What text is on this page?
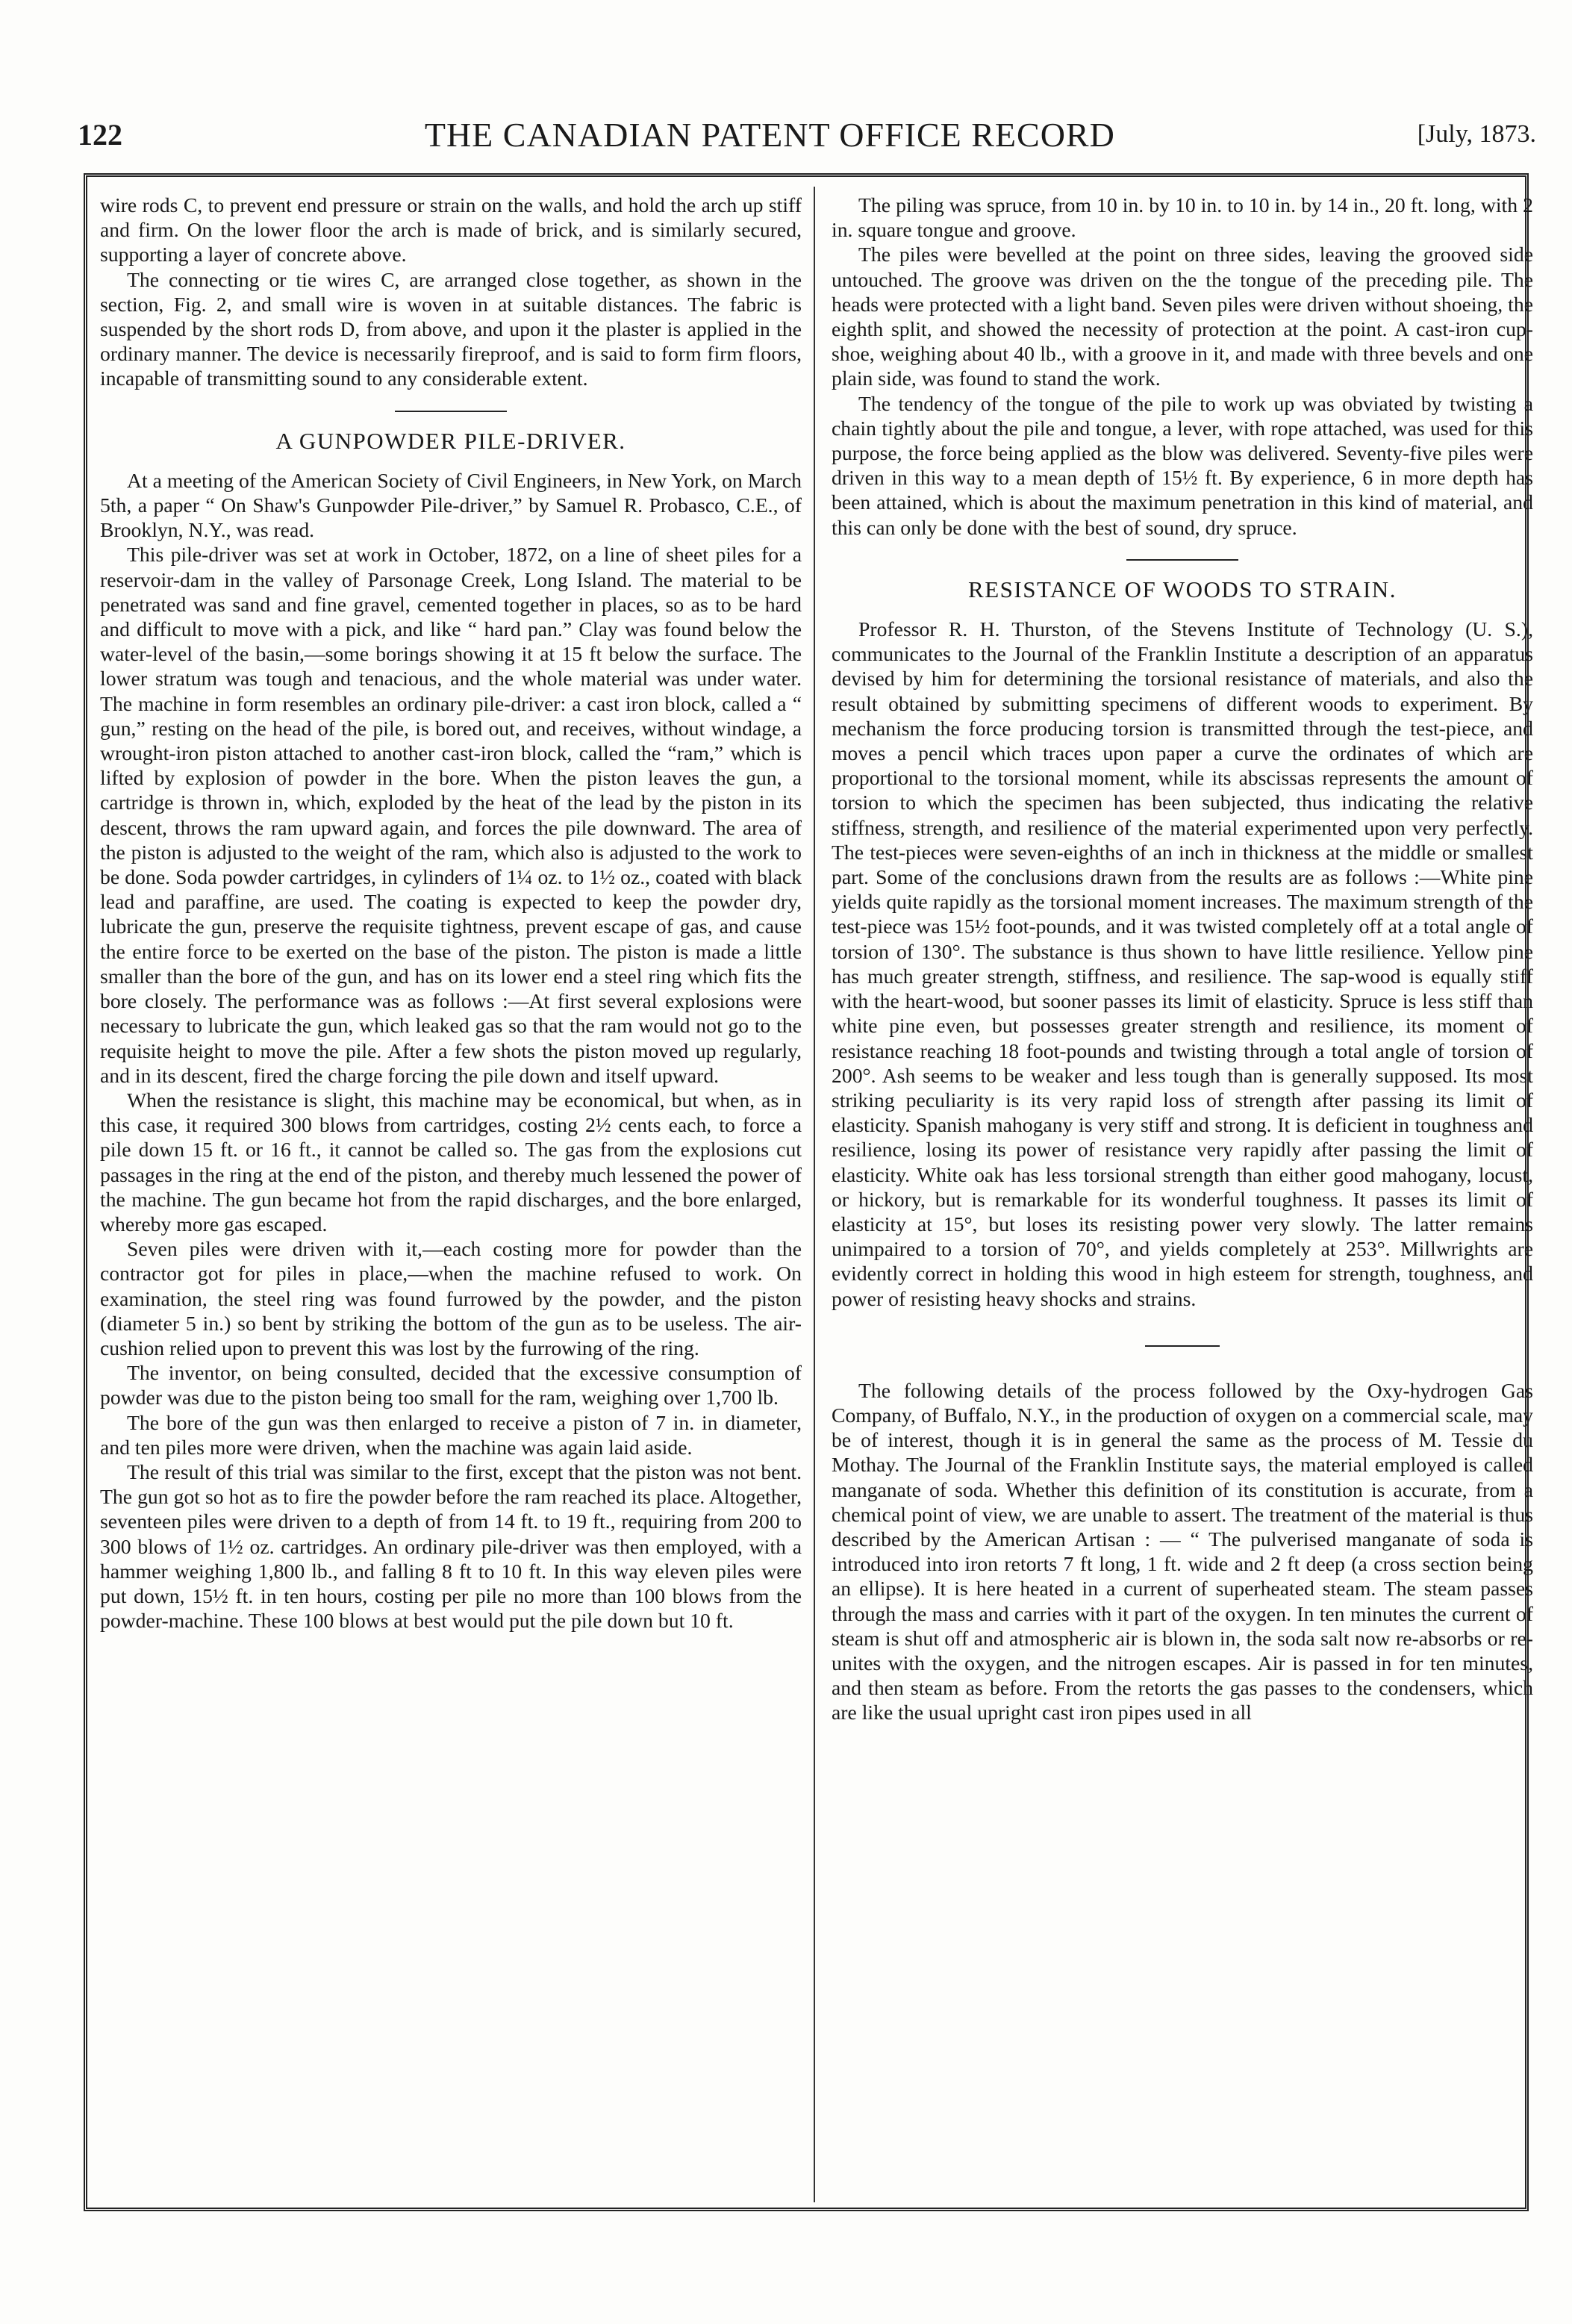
122	THE CANADIAN PATENT OFFICE RECORD	[July, 1873.

wire rods C, to prevent end pressure or strain on the walls, and hold the arch up stiff and firm. On the lower floor the arch is made of brick, and is similarly secured, supporting a layer of concrete above.

The connecting or tie wires C, are arranged close together, as shown in the section, Fig. 2, and small wire is woven in at suitable distances. The fabric is suspended by the short rods D, from above, and upon it the plaster is applied in the ordinary manner. The device is necessarily fireproof, and is said to form firm floors, incapable of transmitting sound to any considerable extent.

A GUNPOWDER PILE-DRIVER.

At a meeting of the American Society of Civil Engineers, in New York, on March 5th, a paper “ On Shaw's Gunpowder Pile-driver,” by Samuel R. Probasco, C.E., of Brooklyn, N.Y., was read.

This pile-driver was set at work in October, 1872, on a line of sheet piles for a reservoir-dam in the valley of Parsonage Creek, Long Island. The material to be penetrated was sand and fine gravel, cemented together in places, so as to be hard and difficult to move with a pick, and like “ hard pan.” Clay was found below the water-level of the basin,—some borings showing it at 15 ft below the surface. The lower stratum was tough and tenacious, and the whole material was under water. The machine in form resembles an ordinary pile-driver: a cast iron block, called a “ gun,” resting on the head of the pile, is bored out, and receives, without windage, a wrought-iron piston attached to another cast-iron block, called the “ram,” which is lifted by explosion of powder in the bore. When the piston leaves the gun, a cartridge is thrown in, which, exploded by the heat of the lead by the piston in its descent, throws the ram upward again, and forces the pile downward. The area of the piston is adjusted to the weight of the ram, which also is adjusted to the work to be done. Soda powder cartridges, in cylinders of 1¼ oz. to 1½ oz., coated with black lead and paraffine, are used. The coating is expected to keep the powder dry, lubricate the gun, preserve the requisite tightness, prevent escape of gas, and cause the entire force to be exerted on the base of the piston. The piston is made a little smaller than the bore of the gun, and has on its lower end a steel ring which fits the bore closely. The performance was as follows :—At first several explosions were necessary to lubricate the gun, which leaked gas so that the ram would not go to the requisite height to move the pile. After a few shots the piston moved up regularly, and in its descent, fired the charge forcing the pile down and itself upward.

When the resistance is slight, this machine may be economical, but when, as in this case, it required 300 blows from cartridges, costing 2½ cents each, to force a pile down 15 ft. or 16 ft., it cannot be called so. The gas from the explosions cut passages in the ring at the end of the piston, and thereby much lessened the power of the machine. The gun became hot from the rapid discharges, and the bore enlarged, whereby more gas escaped.

Seven piles were driven with it,—each costing more for powder than the contractor got for piles in place,—when the machine refused to work. On examination, the steel ring was found furrowed by the powder, and the piston (diameter 5 in.) so bent by striking the bottom of the gun as to be useless. The air-cushion relied upon to prevent this was lost by the furrowing of the ring.

The inventor, on being consulted, decided that the excessive consumption of powder was due to the piston being too small for the ram, weighing over 1,700 lb.

The bore of the gun was then enlarged to receive a piston of 7 in. in diameter, and ten piles more were driven, when the machine was again laid aside.

The result of this trial was similar to the first, except that the piston was not bent. The gun got so hot as to fire the powder before the ram reached its place. Altogether, seventeen piles were driven to a depth of from 14 ft. to 19 ft., requiring from 200 to 300 blows of 1½ oz. cartridges. An ordinary pile-driver was then employed, with a hammer weighing 1,800 lb., and falling 8 ft to 10 ft. In this way eleven piles were put down, 15½ ft. in ten hours, costing per pile no more than 100 blows from the powder-machine. These 100 blows at best would put the pile down but 10 ft.

The piling was spruce, from 10 in. by 10 in. to 10 in. by 14 in., 20 ft. long, with 2 in. square tongue and groove.

The piles were bevelled at the point on three sides, leaving the grooved side untouched. The groove was driven on the the tongue of the preceding pile. The heads were protected with a light band. Seven piles were driven without shoeing, the eighth split, and showed the necessity of protection at the point. A cast-iron cup-shoe, weighing about 40 lb., with a groove in it, and made with three bevels and one plain side, was found to stand the work.

The tendency of the tongue of the pile to work up was obviated by twisting a chain tightly about the pile and tongue, a lever, with rope attached, was used for this purpose, the force being applied as the blow was delivered. Seventy-five piles were driven in this way to a mean depth of 15½ ft. By experience, 6 in more depth has been attained, which is about the maximum penetration in this kind of material, and this can only be done with the best of sound, dry spruce.

RESISTANCE OF WOODS TO STRAIN.

Professor R. H. Thurston, of the Stevens Institute of Technology (U. S.), communicates to the Journal of the Franklin Institute a description of an apparatus devised by him for determining the torsional resistance of materials, and also the result obtained by submitting specimens of different woods to experiment. By mechanism the force producing torsion is transmitted through the test-piece, and moves a pencil which traces upon paper a curve the ordinates of which are proportional to the torsional moment, while its abscissas represents the amount of torsion to which the specimen has been subjected, thus indicating the relative stiffness, strength, and resilience of the material experimented upon very perfectly. The test-pieces were seven-eighths of an inch in thickness at the middle or smallest part. Some of the conclusions drawn from the results are as follows :—White pine yields quite rapidly as the torsional moment increases. The maximum strength of the test-piece was 15½ foot-pounds, and it was twisted completely off at a total angle of torsion of 130°. The substance is thus shown to have little resilience. Yellow pine has much greater strength, stiffness, and resilience. The sap-wood is equally stiff with the heart-wood, but sooner passes its limit of elasticity. Spruce is less stiff than white pine even, but possesses greater strength and resilience, its moment of resistance reaching 18 foot-pounds and twisting through a total angle of torsion of 200°. Ash seems to be weaker and less tough than is generally supposed. Its most striking peculiarity is its very rapid loss of strength after passing its limit of elasticity. Spanish mahogany is very stiff and strong. It is deficient in toughness and resilience, losing its power of resistance very rapidly after passing the limit of elasticity. White oak has less torsional strength than either good mahogany, locust, or hickory, but is remarkable for its wonderful toughness. It passes its limit of elasticity at 15°, but loses its resisting power very slowly. The latter remains unimpaired to a torsion of 70°, and yields completely at 253°. Millwrights are evidently correct in holding this wood in high esteem for strength, toughness, and power of resisting heavy shocks and strains.

The following details of the process followed by the Oxy-hydrogen Gas Company, of Buffalo, N.Y., in the production of oxygen on a commercial scale, may be of interest, though it is in general the same as the process of M. Tessie du Mothay. The Journal of the Franklin Institute says, the material employed is called manganate of soda. Whether this definition of its constitution is accurate, from a chemical point of view, we are unable to assert. The treatment of the material is thus described by the American Artisan : — “ The pulverised manganate of soda is introduced into iron retorts 7 ft long, 1 ft. wide and 2 ft deep (a cross section being an ellipse). It is here heated in a current of superheated steam. The steam passes through the mass and carries with it part of the oxygen. In ten minutes the current of steam is shut off and atmospheric air is blown in, the soda salt now re-absorbs or re-unites with the oxygen, and the nitrogen escapes. Air is passed in for ten minutes, and then steam as before. From the retorts the gas passes to the condensers, which are like the usual upright cast iron pipes used in all
